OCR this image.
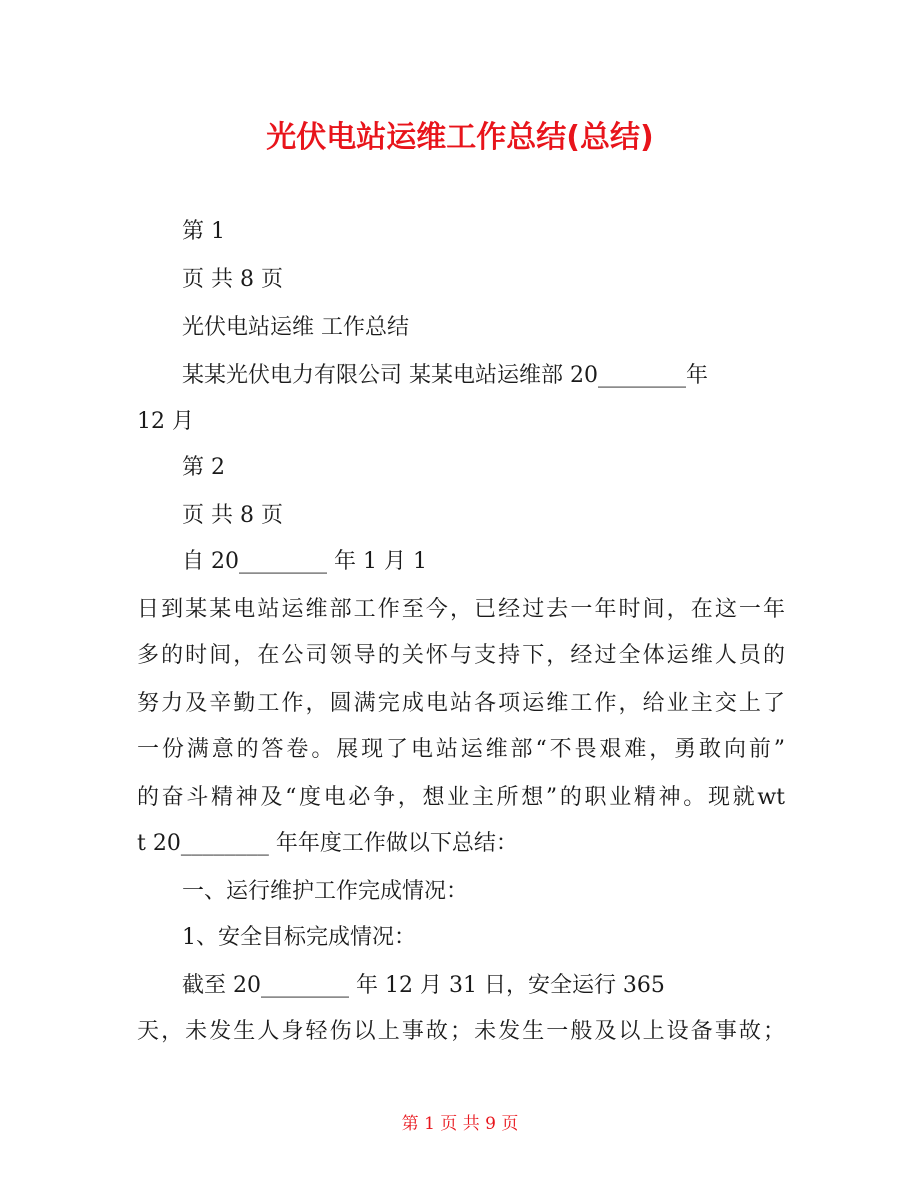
光伏电站运维工作总结(总结)
第 1
页 共 8 页
光伏电站运维 工作总结
某某光伏电力有限公司 某某电站运维部 20________年
12 月
第 2
页 共 8 页
自 20________ 年 1 月 1
日到某某电站运维部工作至今，已经过去一年时间，在这一年
多的时间，在公司领导的关怀与支持下，经过全体运维人员的
努力及辛勤工作，圆满完成电站各项运维工作，给业主交上了
一份满意的答卷。展现了电站运维部“不畏艰难，勇敢向前”
的奋斗精神及“度电必争，想业主所想”的职业精神。现就wt
t 20________ 年年度工作做以下总结：
一、运行维护工作完成情况：
1、安全目标完成情况：
截至 20________ 年 12 月 31 日，安全运行 365
天，未发生人身轻伤以上事故；未发生一般及以上设备事故；
第 1 页 共 9 页
